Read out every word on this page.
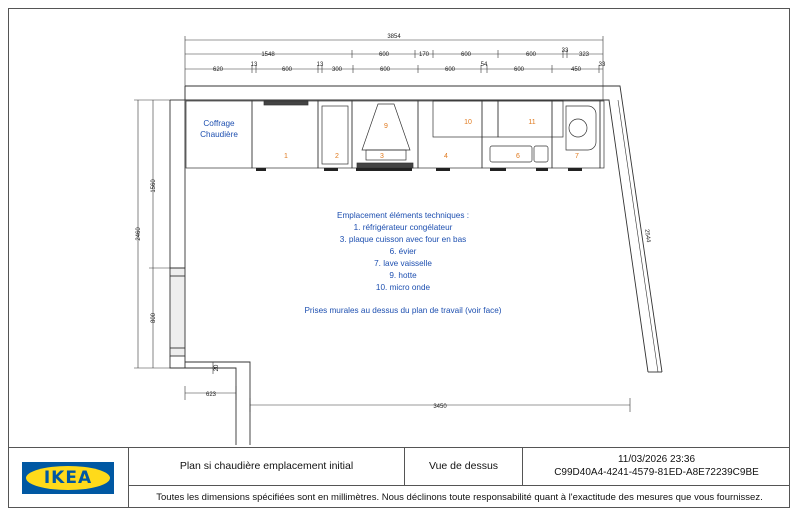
3854
1548	600	170	600	600
33
323
620
13
600
13
300	600	600
54
600	450
33
2460
1560
800
20
2544
623
3450
Coffrage
Chaudière
1	2	3
9
4
10	11
6	7
Emplacement éléments techniques :
1. réfrigérateur congélateur
3. plaque cuisson avec four en bas
6. évier
7. lave vaisselle
9. hotte
10. micro onde
Prises murales au dessus du plan de travail (voir face)
IKEA
Plan si chaudière emplacement initial	Vue de dessus
11/03/2026 23:36
C99D40A4-4241-4579-81ED-A8E72239C9BE
Toutes les dimensions spécifiées sont en millimètres. Nous déclinons toute responsabilité quant à l'exactitude des mesures que vous fournissez.
